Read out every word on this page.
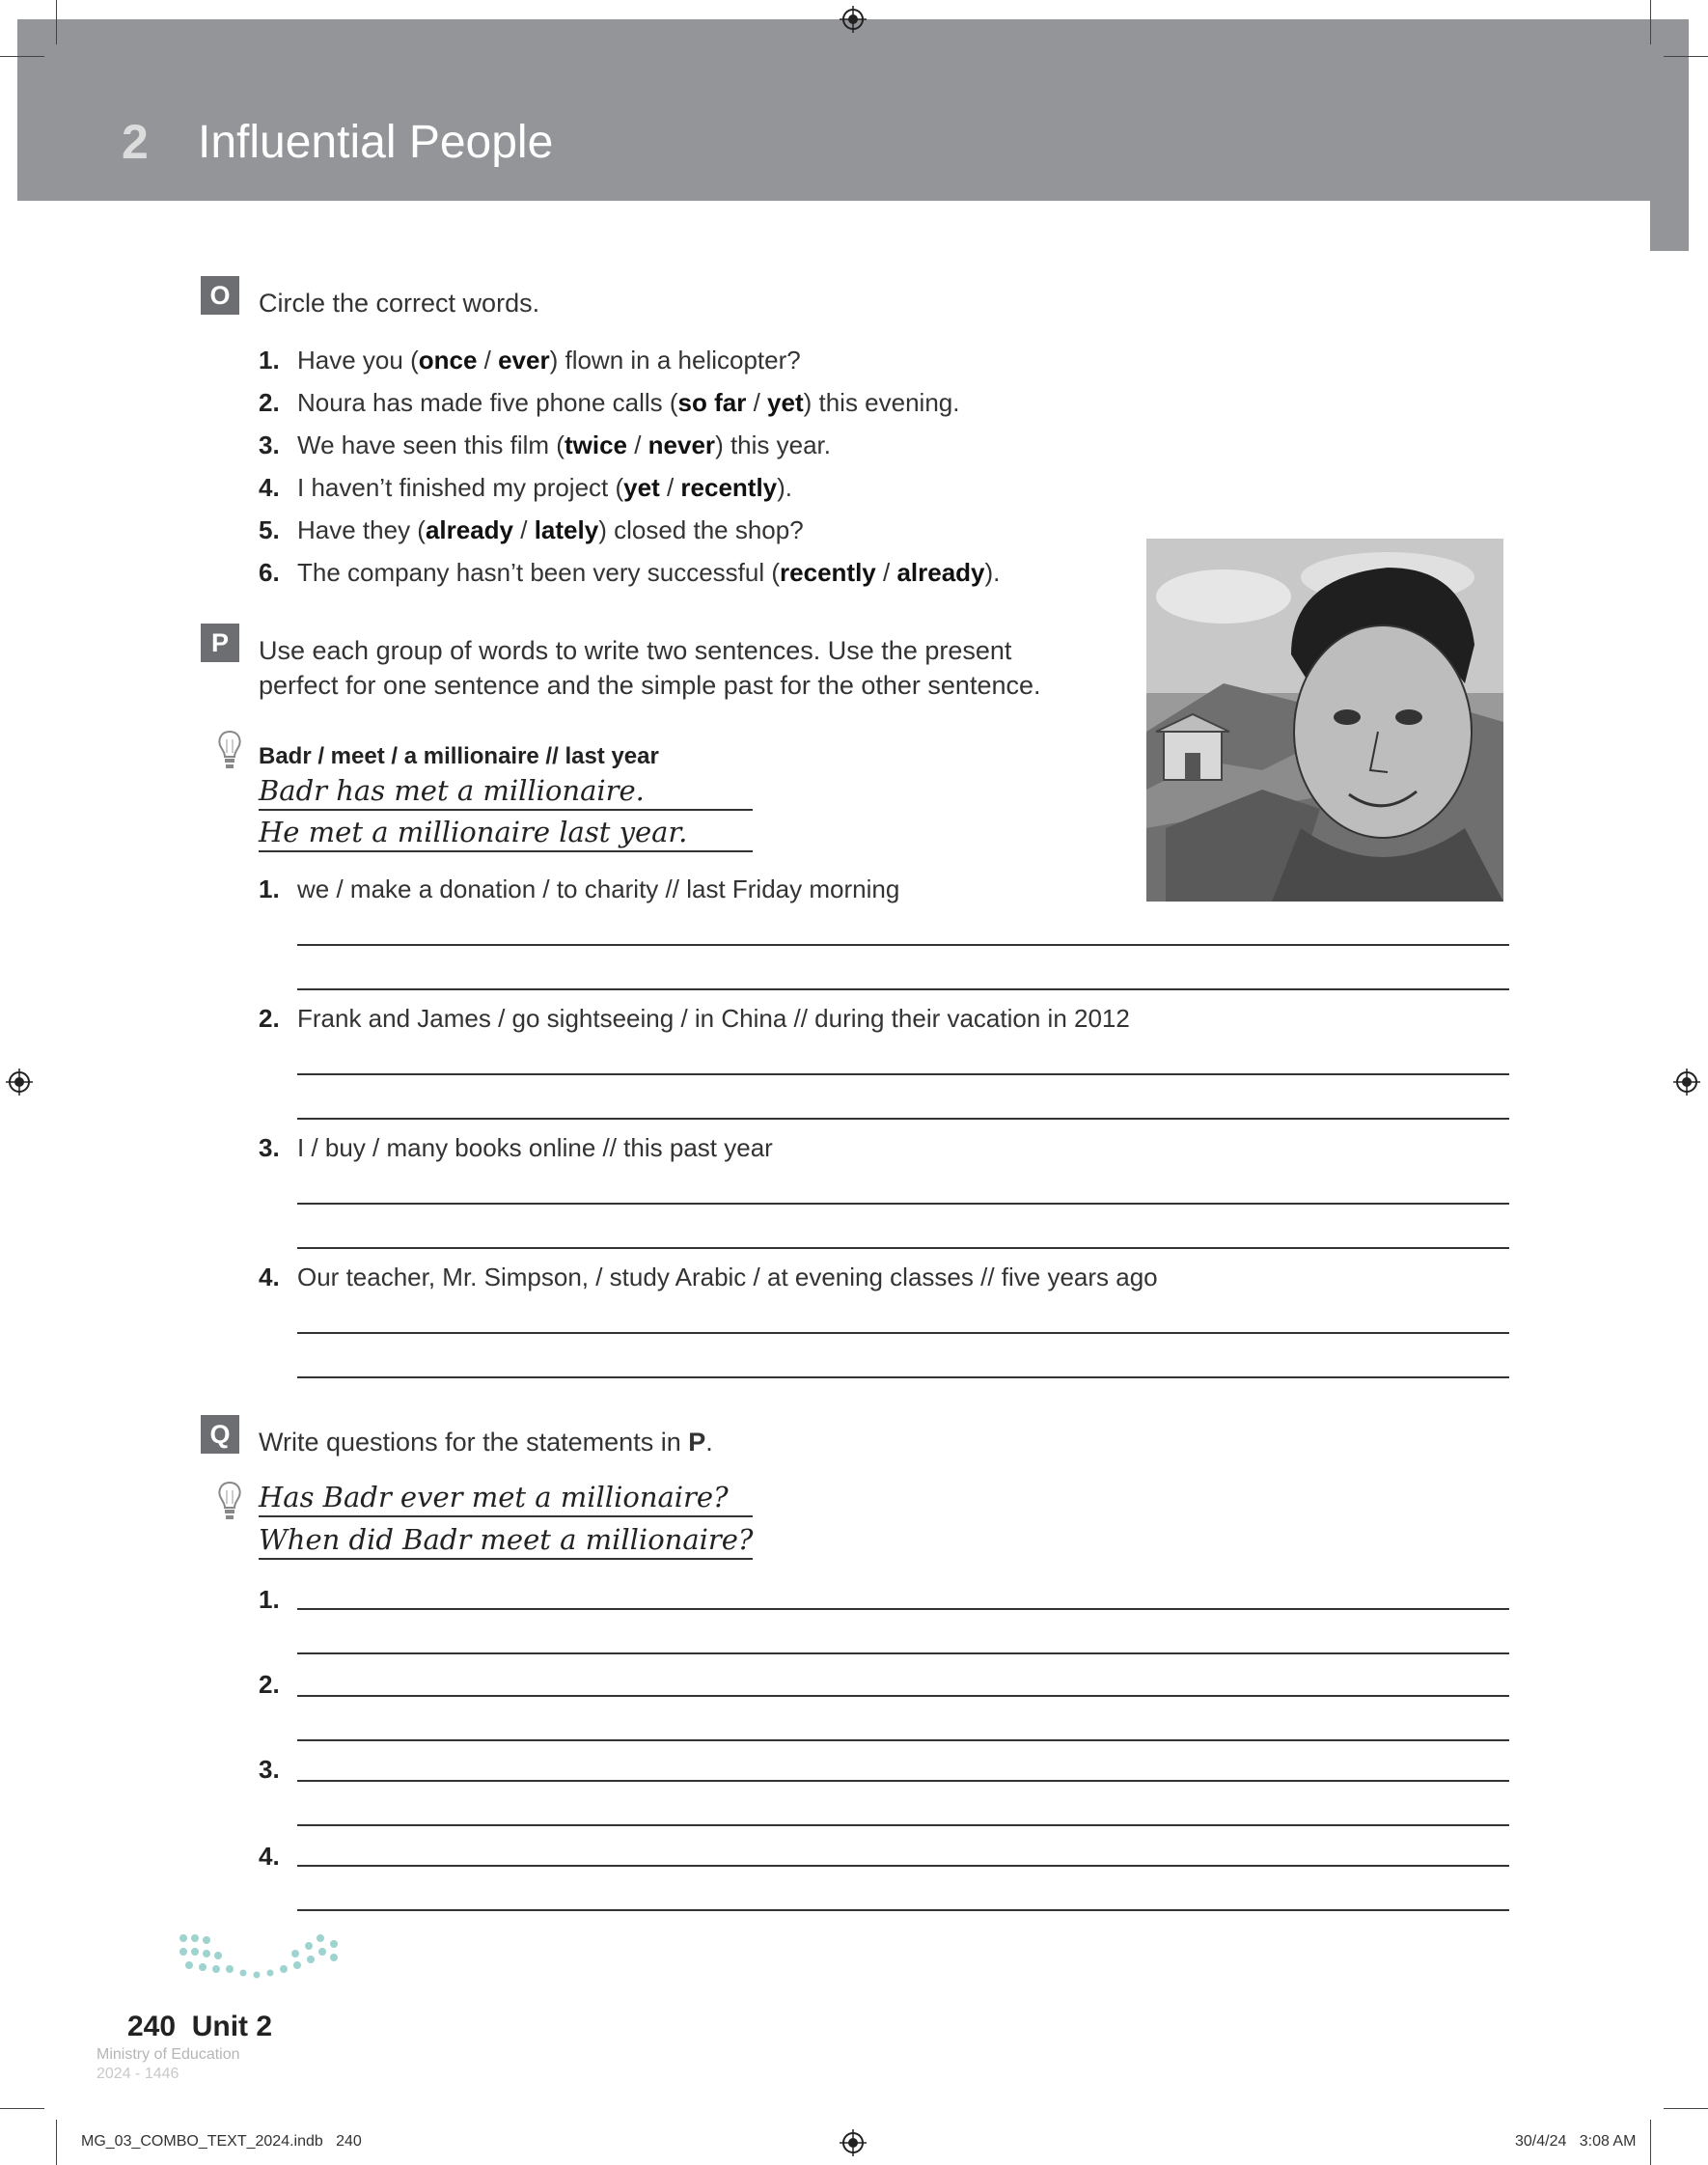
2 Influential People
O	Circle the correct words.
1. Have you (once / ever) flown in a helicopter?
2. Noura has made five phone calls (so far / yet) this evening.
3. We have seen this film (twice / never) this year.
4. I haven’t finished my project (yet / recently).
5. Have they (already / lately) closed the shop?
6. The company hasn’t been very successful (recently / already).
P	Use each group of words to write two sentences. Use the present
perfect for one sentence and the simple past for the other sentence.
Badr / meet / a millionaire // last year
Badr has met a millionaire.
He met a millionaire last year.
1. we / make a donation / to charity // last Friday morning
2. Frank and James / go sightseeing / in China // during their vacation in 2012
3. I / buy / many books online // this past year
4. Our teacher, Mr. Simpson, / study Arabic / at evening classes // five years ago
Q	Write questions for the statements in P.
Has Badr ever met a millionaire?
When did Badr meet a millionaire?
1.
2.
3.
4.
Ministry of Education
2024 - 1446
240 Unit 2
MG_03_COMBO_TEXT_2024.indb   240	30/4/24   3:08 AM
